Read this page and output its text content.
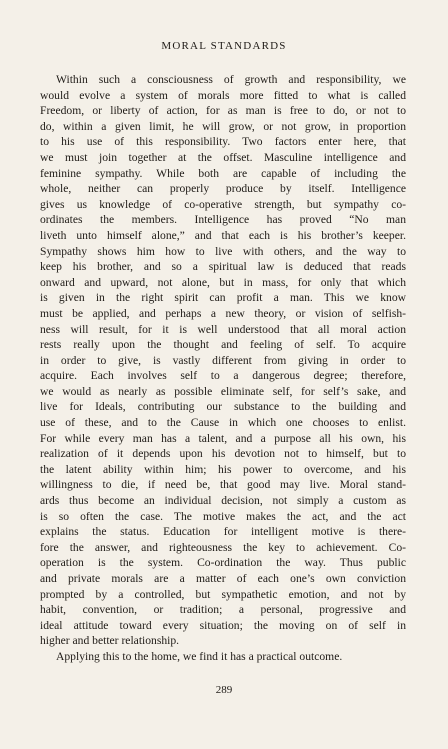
MORAL STANDARDS
Within such a consciousness of growth and responsibility, we
would evolve a system of morals more fitted to what is called
Freedom, or liberty of action, for as man is free to do, or not to
do, within a given limit, he will grow, or not grow, in proportion
to his use of this responsibility. Two factors enter here, that
we must join together at the offset. Masculine intelligence and
feminine sympathy. While both are capable of including the
whole, neither can properly produce by itself. Intelligence
gives us knowledge of co-operative strength, but sympathy co-
ordinates the members. Intelligence has proved “No man
liveth unto himself alone,” and that each is his brother’s keeper.
Sympathy shows him how to live with others, and the way to
keep his brother, and so a spiritual law is deduced that reads
onward and upward, not alone, but in mass, for only that which
is given in the right spirit can profit a man. This we know
must be applied, and perhaps a new theory, or vision of selfish-
ness will result, for it is well understood that all moral action
rests really upon the thought and feeling of self. To acquire
in order to give, is vastly different from giving in order to
acquire. Each involves self to a dangerous degree; therefore,
we would as nearly as possible eliminate self, for self’s sake, and
live for Ideals, contributing our substance to the building and
use of these, and to the Cause in which one chooses to enlist.
For while every man has a talent, and a purpose all his own, his
realization of it depends upon his devotion not to himself, but to
the latent ability within him; his power to overcome, and his
willingness to die, if need be, that good may live. Moral stand-
ards thus become an individual decision, not simply a custom as
is so often the case. The motive makes the act, and the act
explains the status. Education for intelligent motive is there-
fore the answer, and righteousness the key to achievement. Co-
operation is the system. Co-ordination the way. Thus public
and private morals are a matter of each one’s own conviction
prompted by a controlled, but sympathetic emotion, and not by
habit, convention, or tradition; a personal, progressive and
ideal attitude toward every situation; the moving on of self in
higher and better relationship.
Applying this to the home, we find it has a practical outcome.
289
